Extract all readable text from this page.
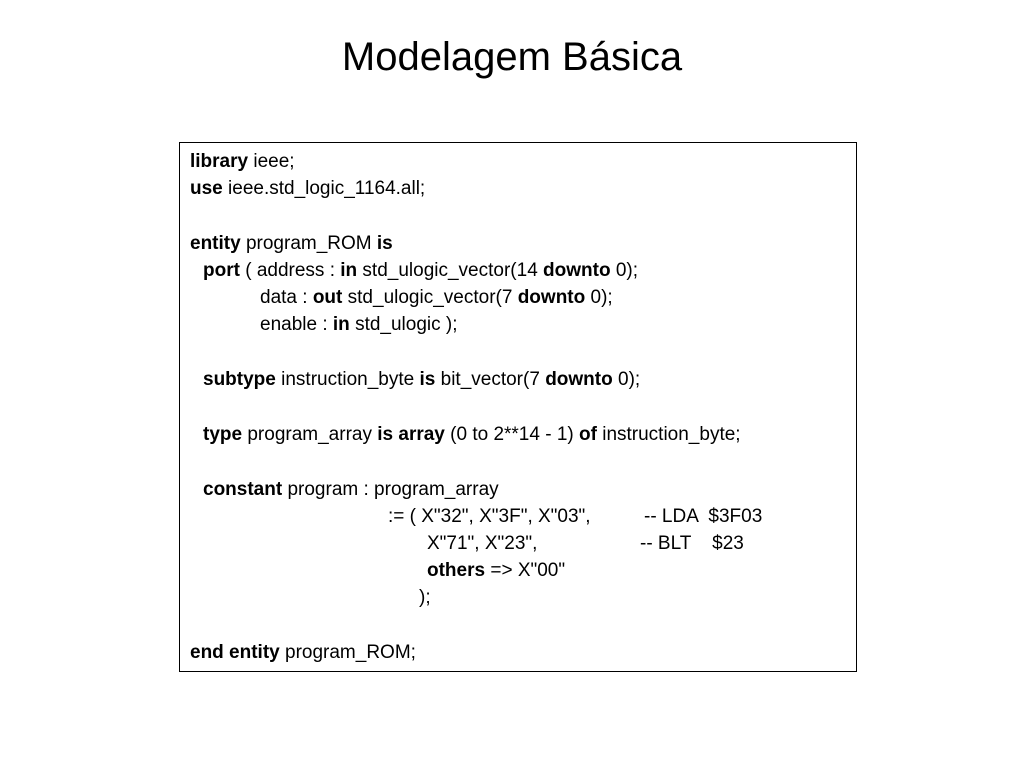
Modelagem Básica
library ieee;
use ieee.std_logic_1164.all;
entity program_ROM is
port ( address : in std_ulogic_vector(14 downto 0);
data : out std_ulogic_vector(7 downto 0);
enable : in std_ulogic );
subtype instruction_byte is bit_vector(7 downto 0);
type program_array is array (0 to 2**14 - 1) of instruction_byte;
constant program : program_array
:= ( X"32", X"3F", X"03",	-- LDA  $3F03
X"71", X"23",	-- BLT    $23
others => X"00"
);
end entity program_ROM;
